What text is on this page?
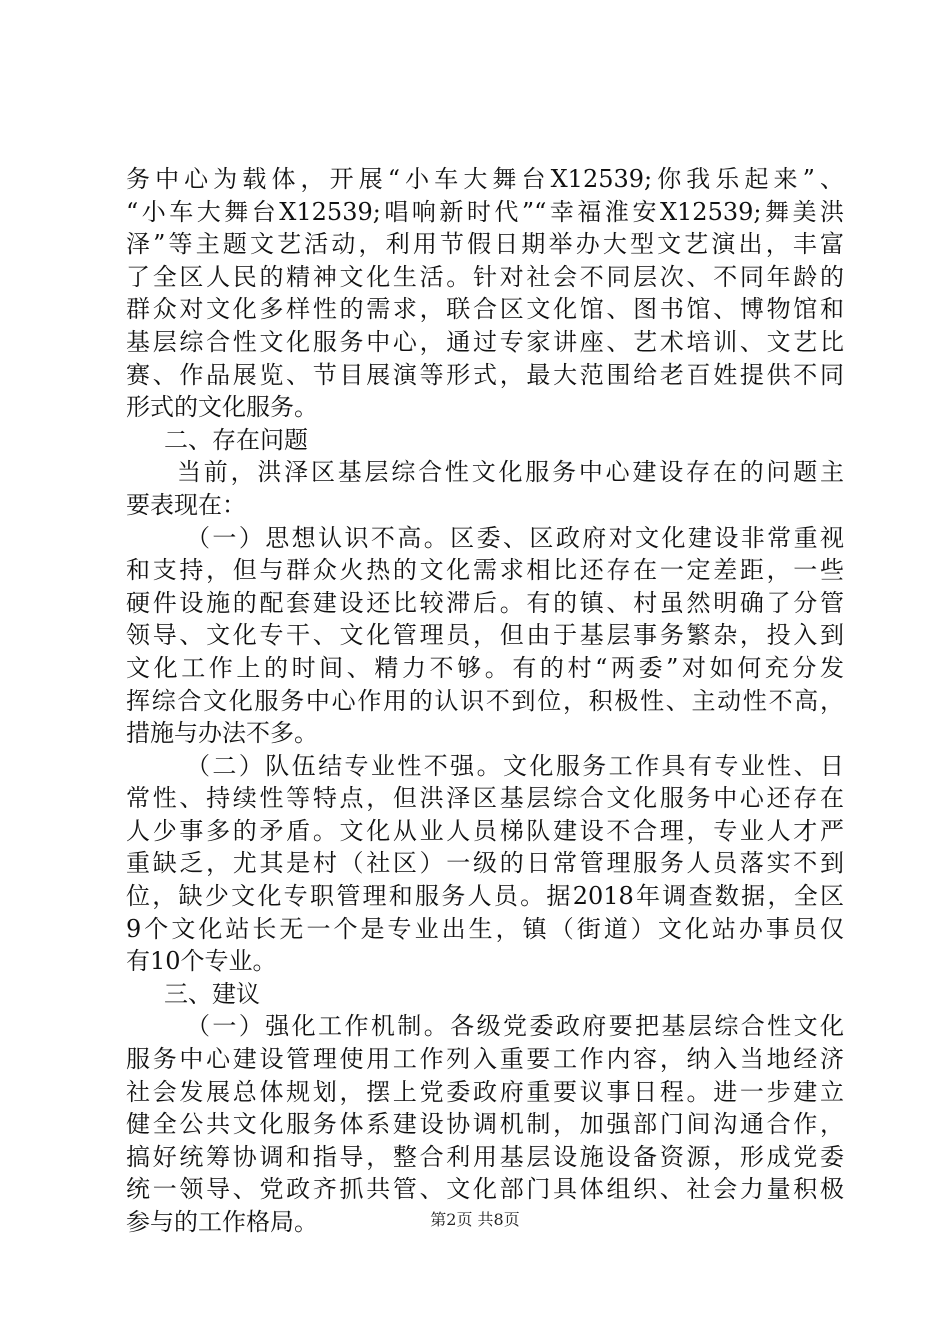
务中心为载体，开展“小车大舞台X12539;你我乐起来”、
“小车大舞台X12539;唱响新时代”“幸福淮安X12539;舞美洪
泽”等主题文艺活动，利用节假日期举办大型文艺演出，丰富
了全区人民的精神文化生活。针对社会不同层次、不同年龄的
群众对文化多样性的需求，联合区文化馆、图书馆、博物馆和
基层综合性文化服务中心，通过专家讲座、艺术培训、文艺比
赛、作品展览、节目展演等形式，最大范围给老百姓提供不同
形式的文化服务。
二、存在问题
当前，洪泽区基层综合性文化服务中心建设存在的问题主
要表现在：
（一）思想认识不高。区委、区政府对文化建设非常重视
和支持，但与群众火热的文化需求相比还存在一定差距，一些
硬件设施的配套建设还比较滞后。有的镇、村虽然明确了分管
领导、文化专干、文化管理员，但由于基层事务繁杂，投入到
文化工作上的时间、精力不够。有的村“两委”对如何充分发
挥综合文化服务中心作用的认识不到位，积极性、主动性不高，
措施与办法不多。
（二）队伍结专业性不强。文化服务工作具有专业性、日
常性、持续性等特点，但洪泽区基层综合文化服务中心还存在
人少事多的矛盾。文化从业人员梯队建设不合理，专业人才严
重缺乏，尤其是村（社区）一级的日常管理服务人员落实不到
位，缺少文化专职管理和服务人员。据2018年调查数据，全区
9个文化站长无一个是专业出生，镇（街道）文化站办事员仅
有10个专业。
三、建议
（一）强化工作机制。各级党委政府要把基层综合性文化
服务中心建设管理使用工作列入重要工作内容，纳入当地经济
社会发展总体规划，摆上党委政府重要议事日程。进一步建立
健全公共文化服务体系建设协调机制，加强部门间沟通合作，
搞好统筹协调和指导，整合利用基层设施设备资源，形成党委
统一领导、党政齐抓共管、文化部门具体组织、社会力量积极
参与的工作格局。	第2页 共8页
